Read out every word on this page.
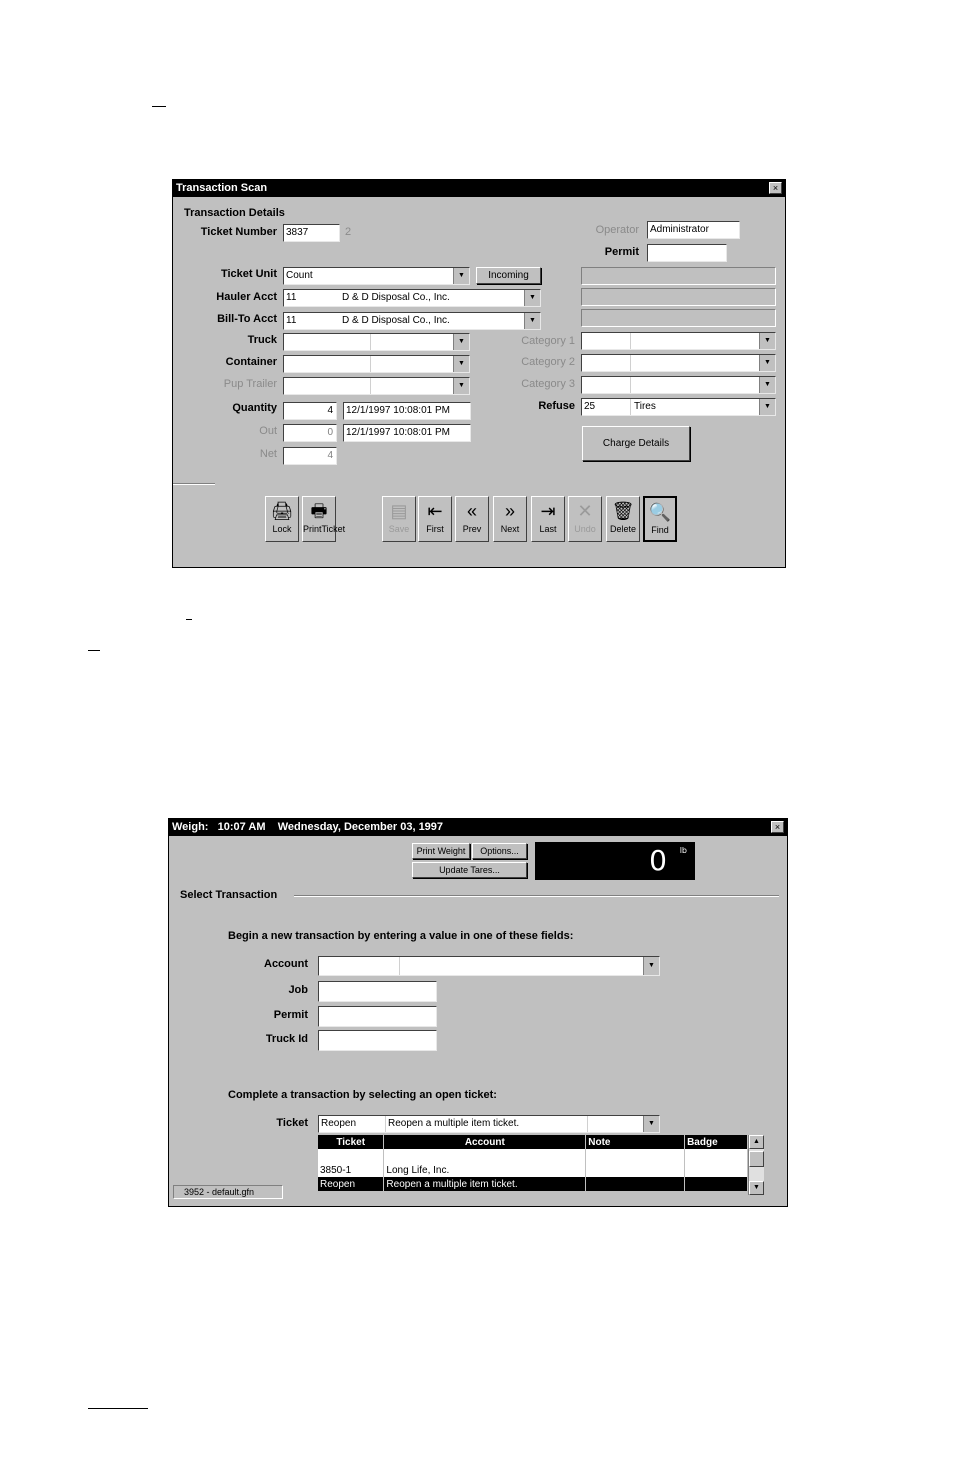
Transaction Scan	×
Transaction Details
Ticket Number 3837	2	Operator	Administrator
Permit
Ticket Unit Count	▼	Incoming
Hauler Acct 11	D & D Disposal Co., Inc.	▼
Bill-To Acct 11	D & D Disposal Co., Inc.	▼
Truck	▼
Container	▼
Pup Trailer	▼
Quantity	4	12/1/1997 10:08:01 PM
Out	0	12/1/1997 10:08:01 PM
Net	4
Category 1	▼
Category 2	▼
Category 3	▼
Refuse 25	Tires	▼
Charge Details
🖨
Lock
🖶
PrintTicket
▤
Save
⇤
First
«
Prev
»
Next
⇥
Last
✕
Undo
🗑
Delete
🔍
Find
Weigh:   10:07 AM    Wednesday, December 03, 1997	×
Print Weight	Options...
Update Tares...	0 lb
Select Transaction
Begin a new transaction by entering a value in one of these fields:
Account	▼
Job
Permit
Truck Id
Complete a transaction by selecting an open ticket:
Ticket	Reopen	Reopen a multiple item ticket.	▼
Ticket	Account	Note	Badge

3850-1	Long Life, Inc.		
Reopen	Reopen a multiple item ticket.		
▲
▼
3952 - default.gfn
